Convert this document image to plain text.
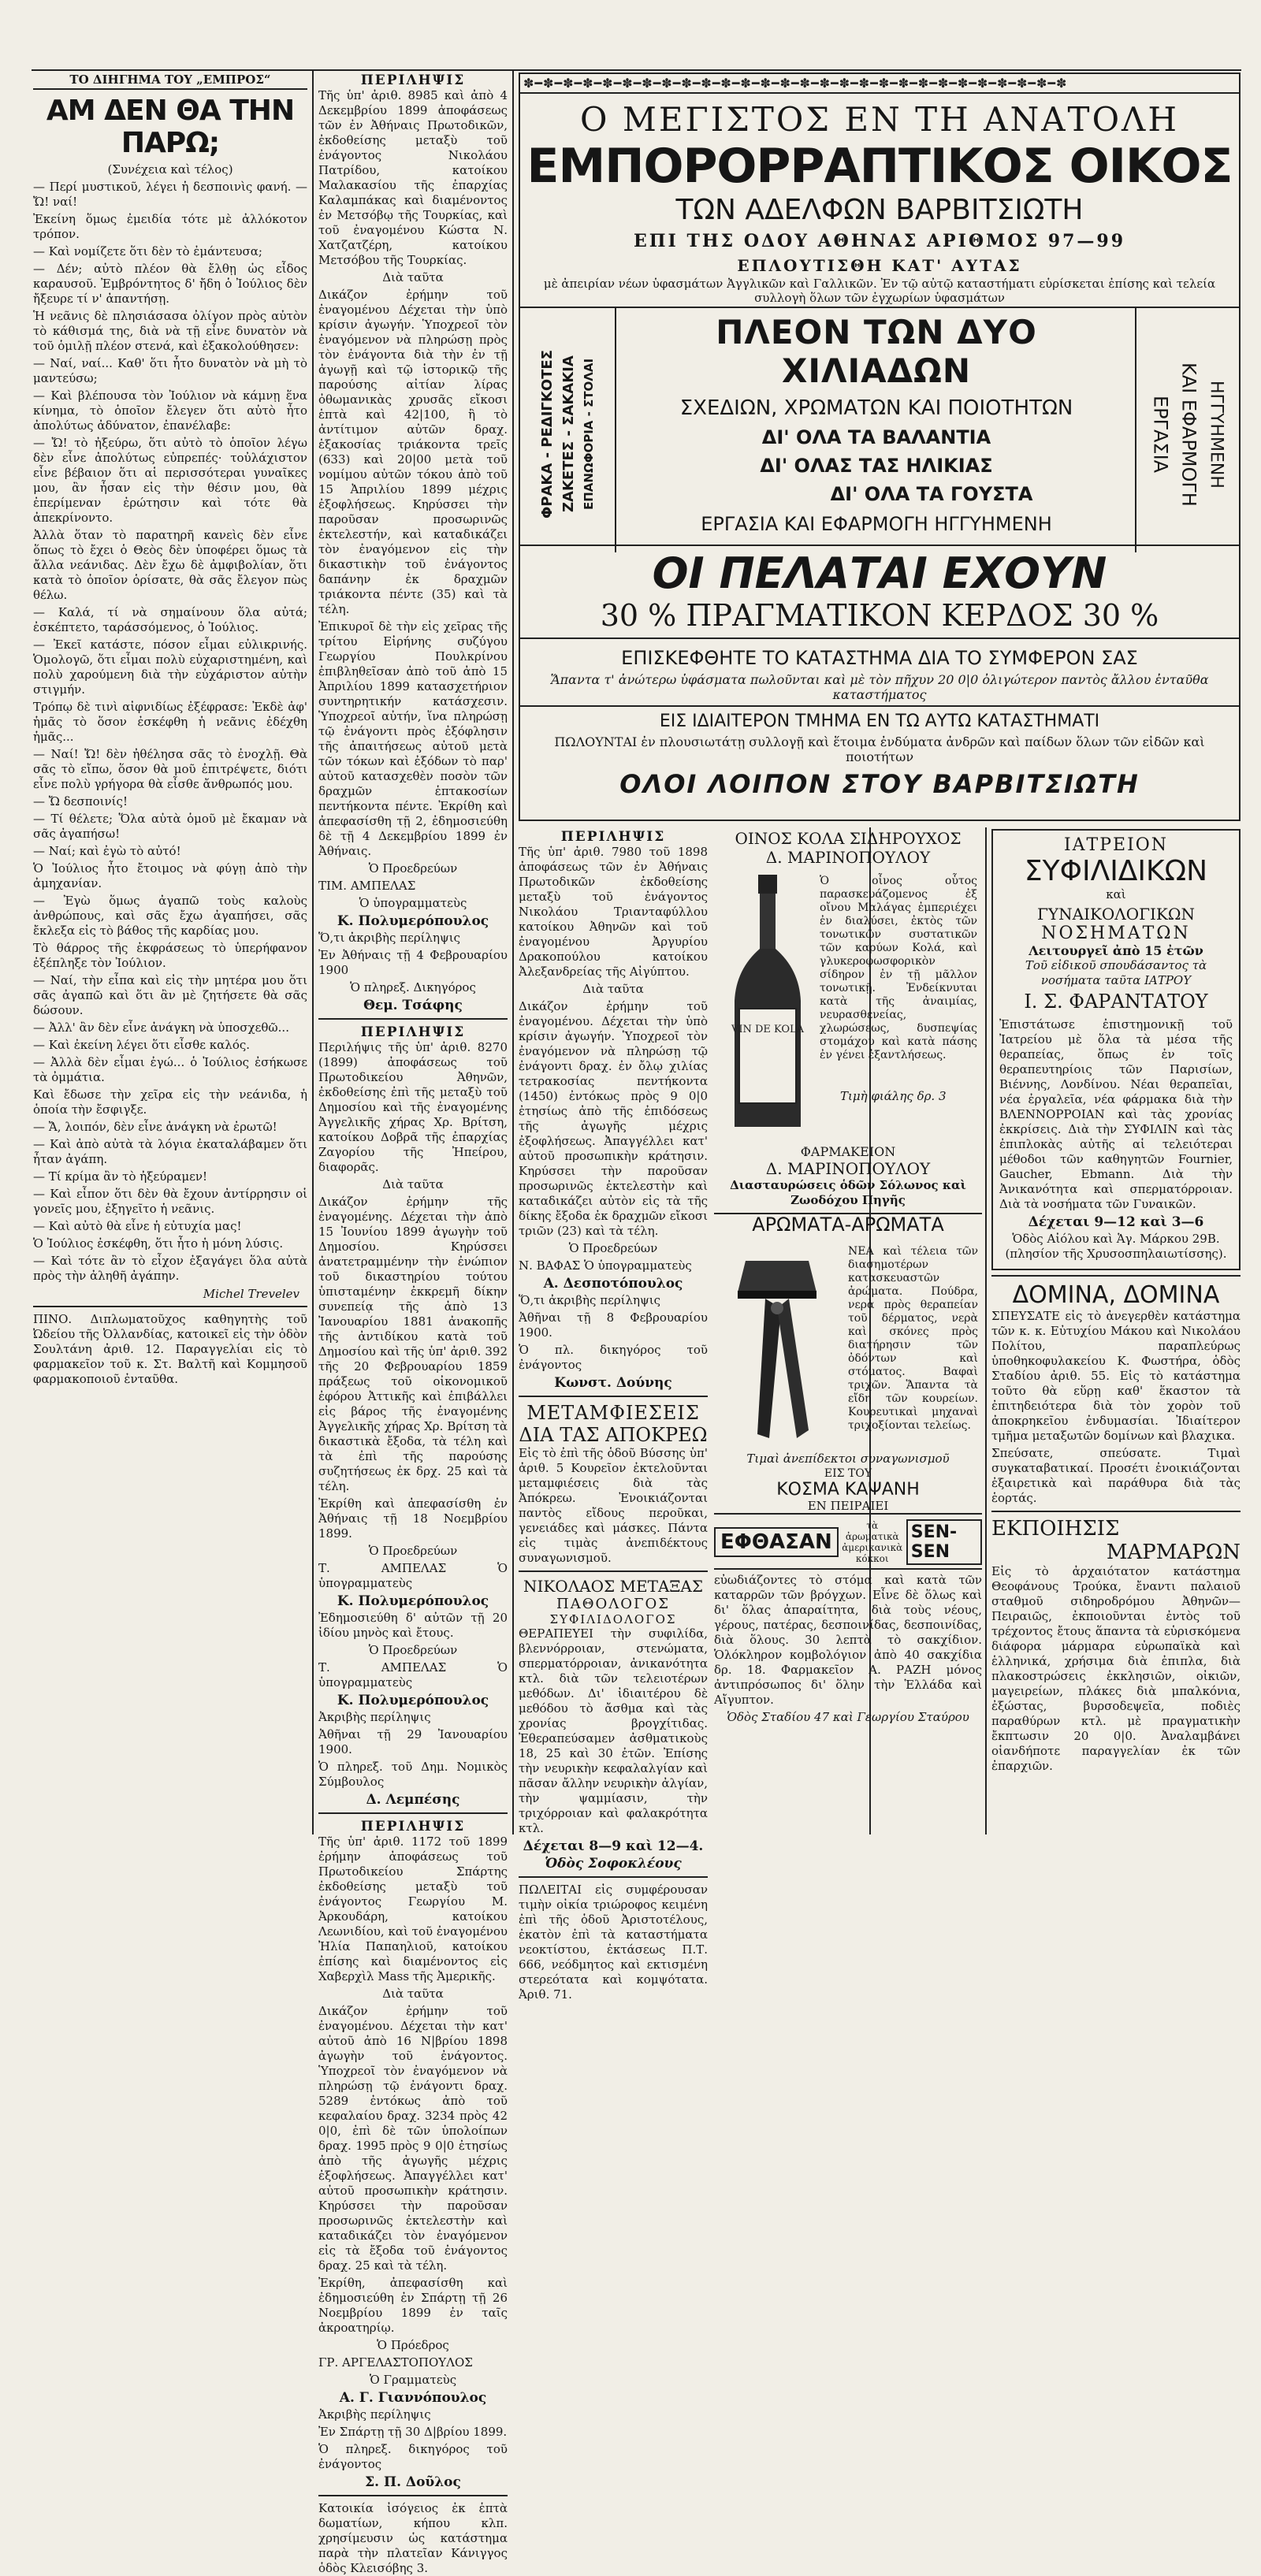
ΤΟ ΔΙΗΓΗΜΑ ΤΟΥ „ΕΜΠΡΟΣ“
ΑΜ ΔΕΝ ΘΑ ΤΗΝ ΠΑΡΩ;
(Συνέχεια καὶ τέλος)

— Περί μυστικοῦ, λέγει ἡ δεσποινὶς φανή. — Ὤ! ναί!

Ἐκείνη ὅμως ἐμειδία τότε μὲ ἀλλόκοτον τρόπον.

— Καὶ νομίζετε ὅτι δὲν τὸ ἐμάντευσα;

— Δέν; αὐτὸ πλέον θὰ ἔλθῃ ὡς εἶδος καραυσοῦ. Ἐμβρόντητος δ' ἤδη ὁ Ἰούλιος δὲν ἤξευρε τί ν' ἀπαντήσῃ.

Ἡ νεᾶνις δὲ πλησιάσασα ὀλίγον πρὸς αὐτὸν τὸ κάθισμά της, διὰ νὰ τῇ εἶνε δυνατὸν νὰ τοῦ ὁμιλῇ πλέον στενά, καὶ ἐξακολούθησεν:

— Ναί, ναί... Καθ' ὅτι ἦτο δυνατὸν νὰ μὴ τὸ μαντεύσω;

— Καὶ βλέπουσα τὸν Ἰούλιον νὰ κάμνῃ ἕνα κίνημα, τὸ ὁποῖον ἔλεγεν ὅτι αὐτὸ ἦτο ἀπολύτως ἀδύνατον, ἐπανέλαβε:

— Ὤ! τὸ ἠξεύρω, ὅτι αὐτὸ τὸ ὁποῖον λέγω δὲν εἶνε ἀπολύτως εὐπρεπές· τοὐλάχιστον εἶνε βέβαιον ὅτι αἱ περισσότεραι γυναῖκες μου, ἂν ἦσαν εἰς τὴν θέσιν μου, θὰ ἐπερίμεναν ἐρώτησιν καὶ τότε θὰ ἀπεκρίνοντο.

Ἀλλὰ ὅταν τὸ παρατηρῆ κανεὶς δὲν εἶνε ὅπως τὸ ἔχει ὁ Θεὸς δὲν ὑποφέρει ὅμως τὰ ἄλλα νεάνιδας. Δὲν ἔχω δὲ ἀμφιβολίαν, ὅτι κατὰ τὸ ὁποῖον ὁρίσατε, θὰ σᾶς ἔλεγον πὼς θέλω.

— Καλά, τί νὰ σημαίνουν ὅλα αὐτά; ἐσκέπτετο, ταράσσόμενος, ὁ Ἰούλιος.

— Ἐκεῖ κατάστε, πόσον εἶμαι εὐλικρινής. Ὁμολογῶ, ὅτι εἶμαι πολὺ εὐχαριστημένη, καὶ πολὺ χαρούμενη διὰ τὴν εὐχάριστον αὐτὴν στιγμήν.

Τρόπῳ δὲ τινὶ αἰφνιδίως ἐξέφρασε: Ἐκδὲ ἀφ' ἡμᾶς τὸ ὅσον ἐσκέφθη ἡ νεᾶνις ἐδέχθη ἡμᾶς...

— Ναί! Ὤ! δὲν ἠθέλησα σᾶς τὸ ἐνοχλῇ. Θὰ σᾶς τὸ εἴπω, ὅσον θὰ μοῦ ἐπιτρέψετε, διότι εἶνε πολὺ γρήγορα θὰ εἶσθε ἄνθρωπός μου.

— Ὤ δεσποινίς!

— Τί θέλετε; Ὅλα αὐτὰ ὁμοῦ μὲ ἔκαμαν νὰ σᾶς ἀγαπήσω!

— Ναί; καὶ ἐγὼ τὸ αὐτό!

Ὁ Ἰούλιος ἦτο ἔτοιμος νὰ φύγῃ ἀπὸ τὴν ἀμηχανίαν.

— Ἐγὼ ὅμως ἀγαπῶ τοὺς καλοὺς ἀνθρώπους, καὶ σᾶς ἔχω ἀγαπήσει, σᾶς ἔκλεξα εἰς τὸ βάθος τῆς καρδίας μου.

Τὸ θάρρος τῆς ἐκφράσεως τὸ ὑπερήφανον ἐξέπληξε τὸν Ἰούλιον.

— Ναί, τὴν εἶπα καὶ εἰς τὴν μητέρα μου ὅτι σᾶς ἀγαπῶ καὶ ὅτι ἂν μὲ ζητήσετε θὰ σᾶς δώσουν.

— Ἀλλ' ἂν δὲν εἶνε ἀνάγκη νὰ ὑποσχεθῶ...

— Καὶ ἐκείνη λέγει ὅτι εἶσθε καλός.

— Ἀλλὰ δὲν εἶμαι ἐγώ... ὁ Ἰούλιος ἐσήκωσε τὰ ὀμμάτια.

Καὶ ἔδωσε τὴν χεῖρα εἰς τὴν νεάνιδα, ἡ ὁποία τὴν ἔσφιγξε.

— Ἄ, λοιπόν, δὲν εἶνε ἀνάγκη νὰ ἐρωτῶ!

— Καὶ ἀπὸ αὐτὰ τὰ λόγια ἐκαταλάβαμεν ὅτι ἦταν ἀγάπη.

— Τί κρίμα ἂν τὸ ἠξεύραμεν!

— Καὶ εἶπον ὅτι δὲν θὰ ἔχουν ἀντίρρησιν οἱ γονεῖς μου, ἐξηγεῖτο ἡ νεᾶνις.

— Καὶ αὐτὸ θὰ εἶνε ἡ εὐτυχία μας!

Ὁ Ἰούλιος ἐσκέφθη, ὅτι ἦτο ἡ μόνη λύσις.

— Καὶ τότε ἂν τὸ εἶχον ἐξαγάγει ὅλα αὐτὰ πρὸς τὴν ἀληθῆ ἀγάπην.

Michel Trevelev

ΠΙΝΟ. Διπλωματοῦχος καθηγητὴς τοῦ Ὠδείου τῆς Ὀλλανδίας, κατοικεῖ εἰς τὴν ὁδὸν Σουλτάνη ἀριθ. 12. Παραγγελίαι εἰς τὸ φαρμακεῖον τοῦ κ. Στ. Βαλτῆ καὶ Κομμησοῦ φαρμακοποιοῦ ἐνταῦθα.

ΠΕΡΙΛΗΨΙΣ

Τῆς ὑπ' ἀριθ. 8985 καὶ ἀπὸ 4 Δεκεμβρίου 1899 ἀποφάσεως τῶν ἐν Ἀθήναις Πρωτοδικῶν, ἐκδοθείσης μεταξὺ τοῦ ἐνάγοντος Νικολάου Πατρίδου, κατοίκου Μαλακασίου τῆς ἐπαρχίας Καλαμπάκας καὶ διαμένοντος ἐν Μετσόβῳ τῆς Τουρκίας, καὶ τοῦ ἐναγομένου Κώστα Ν. Χατζατζέρη, κατοίκου Μετσόβου τῆς Τουρκίας.

Διὰ ταῦτα

Δικάζον ἐρήμην τοῦ ἐναγομένου Δέχεται τὴν ὑπὸ κρίσιν ἀγωγήν. Ὑποχρεοῖ τὸν ἐναγόμενον νὰ πληρώσῃ πρὸς τὸν ἐνάγοντα διὰ τὴν ἐν τῇ ἀγωγῇ καὶ τῷ ἱστορικῷ τῆς παρούσης αἰτίαν λίρας ὀθωμανικὰς χρυσᾶς εἴκοσι ἑπτὰ καὶ 42|100, ἢ τὸ ἀντίτιμον αὐτῶν δραχ. ἑξακοσίας τριάκοντα τρεῖς (633) καὶ 20|00 μετὰ τοῦ νομίμου αὐτῶν τόκου ἀπὸ τοῦ 15 Ἀπριλίου 1899 μέχρις ἐξοφλήσεως. Κηρύσσει τὴν παροῦσαν προσωρινῶς ἐκτελεστήν, καὶ καταδικάζει τὸν ἐναγόμενον εἰς τὴν δικαστικὴν τοῦ ἐνάγοντος δαπάνην ἐκ δραχμῶν τριάκοντα πέντε (35) καὶ τὰ τέλη.

Ἐπικυροῖ δὲ τὴν εἰς χεῖρας τῆς τρίτου Εἰρήνης συζύγου Γεωργίου Πουλκρίνου ἐπιβληθεῖσαν ἀπὸ τοῦ ἀπὸ 15 Ἀπριλίου 1899 κατασχετήριον συντηρητικήν κατάσχεσιν. Ὑποχρεοῖ αὐτήν, ἵνα πληρώσῃ τῷ ἐνάγοντι πρὸς ἐξόφλησιν τῆς ἀπαιτήσεως αὐτοῦ μετὰ τῶν τόκων καὶ ἐξόδων τὸ παρ' αὐτοῦ κατασχεθὲν ποσὸν τῶν δραχμῶν ἑπτακοσίων πεντήκοντα πέντε. Ἐκρίθη καὶ ἀπεφασίσθη τῇ 2, ἐδημοσιεύθη δὲ τῇ 4 Δεκεμβρίου 1899 ἐν Ἀθήναις.

Ὁ Προεδρεύων
ΤΙΜ. ΑΜΠΕΛΑΣ
Ὁ ὑπογραμματεὺς
Κ. Πολυμερόπουλος
Ὅ,τι ἀκριβὴς περίληψις
Ἐν Ἀθήναις τῇ 4 Φεβρουαρίου 1900
Ὁ πληρεξ. Δικηγόρος
Θεμ. Τσάφης
ΠΕΡΙΛΗΨΙΣ

Περιλήψις τῆς ὑπ' ἀριθ. 8270 (1899) ἀποφάσεως τοῦ Πρωτοδικείου Ἀθηνῶν, ἐκδοθείσης ἐπὶ τῆς μεταξὺ τοῦ Δημοσίου καὶ τῆς ἐναγομένης Ἀγγελικῆς χήρας Χρ. Βρίτση, κατοίκου Δοβρᾶ τῆς ἐπαρχίας Ζαγορίου τῆς Ἠπείρου, διαφορᾶς.

Διὰ ταῦτα

Δικάζον ἐρήμην τῆς ἐναγομένης. Δέχεται τὴν ἀπὸ 15 Ἰουνίου 1899 ἀγωγὴν τοῦ Δημοσίου. Κηρύσσει ἀνατετραμμένην τὴν ἐνώπιον τοῦ δικαστηρίου τούτου ὑπισταμένην ἐκκρεμῆ δίκην συνεπείᾳ τῆς ἀπὸ 13 Ἰανουαρίου 1881 ἀνακοπῆς τῆς ἀντιδίκου κατὰ τοῦ Δημοσίου καὶ τῆς ὑπ' ἀριθ. 392 τῆς 20 Φεβρουαρίου 1859 πράξεως τοῦ οἰκονομικοῦ ἐφόρου Ἀττικῆς καὶ ἐπιβάλλει εἰς βάρος τῆς ἐναγομένης Ἀγγελικῆς χήρας Χρ. Βρίτση τὰ δικαστικὰ ἔξοδα, τὰ τέλη καὶ τὰ ἐπὶ τῆς παρούσης συζητήσεως ἐκ δρχ. 25 καὶ τὰ τέλη.

Ἐκρίθη καὶ ἀπεφασίσθη ἐν Ἀθήναις τῇ 18 Νοεμβρίου 1899.

Ὁ Προεδρεύων
Τ. ΑΜΠΕΛΑΣ Ὁ ὑπογραμματεὺς
Κ. Πολυμερόπουλος
Ἐδημοσιεύθη δ' αὐτῶν τῇ 20 ἰδίου μηνὸς καὶ ἔτους.
Ὁ Προεδρεύων
Τ. ΑΜΠΕΛΑΣ Ὁ ὑπογραμματεὺς
Κ. Πολυμερόπουλος
Ἀκριβὴς περίληψις
Ἀθῆναι τῇ 29 Ἰανουαρίου 1900.
Ὁ πληρεξ. τοῦ Δημ. Νομικὸς Σύμβουλος
Δ. Λεμπέσης
ΠΕΡΙΛΗΨΙΣ

Τῆς ὑπ' ἀριθ. 1172 τοῦ 1899 ἐρήμην ἀποφάσεως τοῦ Πρωτοδικείου Σπάρτης ἐκδοθείσης μεταξὺ τοῦ ἐνάγοντος Γεωργίου Μ. Ἀρκουδάρη, κατοίκου Λεωνιδίου, καὶ τοῦ ἐναγομένου Ἠλία Παπαηλιοῦ, κατοίκου ἐπίσης καὶ διαμένοντος εἰς Χαβερχὶλ Mass τῆς Ἀμερικῆς.

Διὰ ταῦτα

Δικάζον ἐρήμην τοῦ ἐναγομένου. Δέχεται τὴν κατ' αὐτοῦ ἀπὸ 16 Ν|βρίου 1898 ἀγωγὴν τοῦ ἐνάγοντος. Ὑποχρεοῖ τὸν ἐναγόμενον νὰ πληρώσῃ τῷ ἐνάγοντι δραχ. 5289 ἐντόκως ἀπὸ τοῦ κεφαλαίου δραχ. 3234 πρὸς 42 0|0, ἐπὶ δὲ τῶν ὑπολοίπων δραχ. 1995 πρὸς 9 0|0 ἐτησίως ἀπὸ τῆς ἀγωγῆς μέχρις ἐξοφλήσεως. Ἀπαγγέλλει κατ' αὐτοῦ προσωπικὴν κράτησιν. Κηρύσσει τὴν παροῦσαν προσωρινῶς ἐκτελεστὴν καὶ καταδικάζει τὸν ἐναγόμενον εἰς τὰ ἔξοδα τοῦ ἐνάγοντος δραχ. 25 καὶ τὰ τέλη.

Ἐκρίθη, ἀπεφασίσθη καὶ ἐδημοσιεύθη ἐν Σπάρτῃ τῇ 26 Νοεμβρίου 1899 ἐν ταῖς ἀκροατηρίῳ.

Ὁ Πρόεδρος
ΓΡ. ΑΡΓΕΛΑΣΤΟΠΟΥΛΟΣ
Ὁ Γραμματεὺς
Α. Γ. Γιαννόπουλος
Ἀκριβὴς περίληψις
Ἐν Σπάρτῃ τῇ 30 Δ|βρίου 1899.
Ὁ πληρεξ. δικηγόρος τοῦ ἐνάγοντος
Σ. Π. Δοῦλος

Κατοικία ἰσόγειος ἐκ ἑπτὰ δωματίων, κήπου κλπ. χρησίμευσιν ὡς κατάστημα παρὰ τὴν πλατεῖαν Κάνιγγος ὁδὸς Κλεισόβης 3.

✽━✽━✽━✽━✽━✽━✽━✽━✽━✽━✽━✽━✽━✽━✽━✽━✽━✽━✽━✽━✽━✽━✽━✽━✽━✽━✽━✽
Ο ΜΕΓΙΣΤΟΣ ΕΝ ΤΗ ΑΝΑΤΟΛΗ
ΕΜΠΟΡΟΡΡΑΠΤΙΚΟΣ ΟΙΚΟΣ
ΤΩΝ ΑΔΕΛΦΩΝ ΒΑΡΒΙΤΣΙΩΤΗ
ΕΠΙ ΤΗΣ ΟΔΟΥ ΑΘΗΝΑΣ ΑΡΙΘΜΟΣ 97—99
ΕΠΛΟΥΤΙΣΘΗ ΚΑΤ' ΑΥΤΑΣ
μὲ ἀπειρίαν νέων ὑφασμάτων Ἀγγλικῶν καὶ Γαλλικῶν. Ἐν τῷ αὐτῷ καταστήματι εὑρίσκεται ἐπίσης καὶ τελεία συλλογὴ ὅλων τῶν ἐγχωρίων ὑφασμάτων
ΦΡΑΚΑ - ΡΕΔΙΓΚΟΤΕΣ ΖΑΚΕΤΕΣ - ΣΑΚΑΚΙΑ ΕΠΑΝΩΦΟΡΙΑ - ΣΤΟΛΑΙ
ΠΛΕΟΝ ΤΩΝ ΔΥΟ ΧΙΛΙΑΔΩΝ
ΣΧΕΔΙΩΝ, ΧΡΩΜΑΤΩΝ ΚΑΙ ΠΟΙΟΤΗΤΩΝ
ΔΙ' ΟΛΑ ΤΑ ΒΑΛΑΝΤΙΑ
ΔΙ' ΟΛΑΣ ΤΑΣ ΗΛΙΚΙΑΣ
ΔΙ' ΟΛΑ ΤΑ ΓΟΥΣΤΑ
ΕΡΓΑΣΙΑ ΚΑΙ ΕΦΑΡΜΟΓΗ ΗΓΓΥΗΜΕΝΗ
ΕΡΓΑΣΙΑ ΚΑΙ ΕΦΑΡΜΟΓΗ ΗΓΓΥΗΜΕΝΗ
ΟΙ ΠΕΛΑΤΑΙ ΕΧΟΥΝ
30 % ΠΡΑΓΜΑΤΙΚΟΝ ΚΕΡΔΟΣ 30 %
ΕΠΙΣΚΕΦΘΗΤΕ ΤΟ ΚΑΤΑΣΤΗΜΑ ΔΙΑ ΤΟ ΣΥΜΦΕΡΟΝ ΣΑΣ
Ἅπαντα τ' ἀνώτερω ὑφάσματα πωλοῦνται καὶ μὲ τὸν πῆχυν 20 0|0 ὀλιγώτερον παντὸς ἄλλου ἐνταῦθα καταστήματος
ΕΙΣ ΙΔΙΑΙΤΕΡΟΝ ΤΜΗΜΑ ΕΝ ΤΩ ΑΥΤΩ ΚΑΤΑΣΤΗΜΑΤΙ
ΠΩΛΟΥΝΤΑΙ ἐν πλουσιωτάτῃ συλλογῇ καὶ ἕτοιμα ἐνδύματα ἀνδρῶν καὶ παίδων ὅλων τῶν εἰδῶν καὶ ποιοτήτων
ΟΛΟΙ ΛΟΙΠΟΝ ΣΤΟΥ ΒΑΡΒΙΤΣΙΩΤΗ
ΠΕΡΙΛΗΨΙΣ

Τῆς ὑπ' ἀριθ. 7980 τοῦ 1898 ἀποφάσεως τῶν ἐν Ἀθήναις Πρωτοδικῶν ἐκδοθείσης μεταξὺ τοῦ ἐνάγοντος Νικολάου Τριανταφύλλου κατοίκου Ἀθηνῶν καὶ τοῦ ἐναγομένου Ἀργυρίου Δρακοπούλου κατοίκου Ἀλεξανδρείας τῆς Αἰγύπτου.

Διὰ ταῦτα

Δικάζον ἐρήμην τοῦ ἐναγομένου. Δέχεται τὴν ὑπὸ κρίσιν ἀγωγήν. Ὑποχρεοῖ τὸν ἐναγόμενον νὰ πληρώσῃ τῷ ἐνάγοντι δραχ. ἐν ὄλῳ χιλίας τετρακοσίας πεντήκοντα (1450) ἐντόκως πρὸς 9 0|0 ἐτησίως ἀπὸ τῆς ἐπιδόσεως τῆς ἀγωγῆς μέχρις ἐξοφλήσεως. Ἀπαγγέλλει κατ' αὐτοῦ προσωπικὴν κράτησιν. Κηρύσσει τὴν παροῦσαν προσωρινῶς ἐκτελεστὴν καὶ καταδικάζει αὐτὸν εἰς τὰ τῆς δίκης ἔξοδα ἐκ δραχμῶν εἴκοσι τριῶν (23) καὶ τὰ τέλη.

Ὁ Προεδρεύων
Ν. ΒΑΦΑΣ Ὁ ὑπογραμματεὺς
Α. Δεσποτόπουλος
Ὅ,τι ἀκριβὴς περίληψις
Ἀθῆναι τῇ 8 Φεβρουαρίου 1900.
Ὁ πλ. δικηγόρος τοῦ ἐνάγοντος
Κωνστ. Δούνης
ΜΕΤΑΜΦΙΕΣΕΙΣ
ΔΙΑ ΤΑΣ ΑΠΟΚΡΕΩ

Εἰς τὸ ἐπὶ τῆς ὁδοῦ Βύσσης ὑπ' ἀριθ. 5 Κουρεῖον ἐκτελοῦνται μεταμφιέσεις διὰ τὰς Ἀπόκρεω. Ἐνοικιάζονται παντὸς εἴδους περοῦκαι, γενειάδες καὶ μάσκες. Πάντα εἰς τιμὰς ἀνεπιδέκτους συναγωνισμοῦ.

ΝΙΚΟΛΑΟΣ ΜΕΤΑΞΑΣ
ΠΑΘΟΛΟΓΟΣ
ΣΥΦΙΛΙΔΟΛΟΓΟΣ

ΘΕΡΑΠΕΥΕΙ τὴν συφιλίδα, βλεννόρροιαν, στενώματα, σπερματόρροιαν, ἀνικανότητα κτλ. διὰ τῶν τελειοτέρων μεθόδων. Δι' ἰδιαιτέρου δὲ μεθόδου τὸ ἄσθμα καὶ τὰς χρονίας βρογχίτιδας. Ἐθεραπεύσαμεν ἀσθματικοὺς 18, 25 καὶ 30 ἐτῶν. Ἐπίσης τὴν νευρικὴν κεφαλαλγίαν καὶ πᾶσαν ἄλλην νευρικὴν ἀλγίαν, τὴν ψαμμίασιν, τὴν τριχόρροιαν καὶ φαλακρότητα κτλ.

Δέχεται 8—9 καὶ 12—4.
Ὁδὸς Σοφοκλέους

ΠΩΛΕΙΤΑΙ εἰς συμφέρουσαν τιμὴν οἰκία τριώροφος κειμένη ἐπὶ τῆς ὁδοῦ Ἀριστοτέλους, ἐκατὸν ἐπὶ τὰ καταστήματα νεοκτίστου, ἐκτάσεως Π.Τ. 666, νεόδμητος καὶ εκτισμένη στερεότατα καὶ κομψότατα. Ἀριθ. 71.

ΟΙΝΟΣ ΚΟΛΑ ΣΙΔΗΡΟΥΧΟΣ
Δ. ΜΑΡΙΝΟΠΟΥΛΟΥ
VIN DE KOLA

Ὁ οἶνος οὗτος παρασκευάζομενος ἐξ οἴνου Μαλάγας ἐμπεριέχει ἐν διαλύσει, ἐκτὸς τῶν τονωτικῶν συστατικῶν τῶν καρύων Κολά, καὶ γλυκεροφωσφορικὸν σίδηρον ἐν τῇ μᾶλλον τονωτικῇ. Ἐνδείκνυται κατὰ τῆς ἀναιμίας, νευρασθενείας, χλωρώσεως, δυσπεψίας στομάχου καὶ κατὰ πάσης ἐν γένει ἐξαντλήσεως.

Τιμὴ φιάλης δρ. 3
ΦΑΡΜΑΚΕΙΟΝ
Δ. ΜΑΡΙΝΟΠΟΥΛΟΥ
Διασταυρώσεις ὁδῶν Σόλωνος καὶ Ζωοδόχου Πηγῆς
ΑΡΩΜΑΤΑ-ΑΡΩΜΑΤΑ

ΝΕΑ καὶ τέλεια τῶν διασημοτέρων κατασκευαστῶν ἀρώματα. Πούδρα, νερὰ πρὸς θεραπείαν τοῦ δέρματος, νερὰ καὶ σκόνες πρὸς διατήρησιν τῶν ὀδόντων καὶ στόματος. Βαφαὶ τριχῶν. Ἅπαντα τὰ εἴδη τῶν κουρείων. Κουρευτικαὶ μηχαναὶ τριχοξίονται τελείως.

Τιμαὶ ἀνεπίδεκτοι συναγωνισμοῦ
ΕΙΣ ΤΟΥ
ΚΟΣΜΑ ΚΑΨΑΝΗ
ΕΝ ΠΕΙΡΑΙΕΙ
ΕΦΘΑΣΑΝ
τὰ ἀρωματικὰ ἀμερικανικὰ κόκκοι
SEN-SEN

εὐωδιάζοντες τὸ στόμα καὶ κατὰ τῶν καταρρῶν τῶν βρόγχων. Εἶνε δὲ ὅλως καὶ δι' ὅλας ἀπαραίτητα, διὰ τοὺς νέους, γέρους, πατέρας, δεσποινίδας, δεσποινίδας, διὰ ὅλους. 30 λεπτὰ τὸ σακχίδιον. Ὁλόκληρον κομβολόγιον ἀπὸ 40 σακχίδια δρ. 18. Φαρμακεῖον Α. ΡΑΖΗ μόνος ἀντιπρόσωπος δι' ὅλην τὴν Ἑλλάδα καὶ Αἴγυπτον.

Ὁδὸς Σταδίου 47 καὶ Γεωργίου Σταύρου
ΙΑΤΡΕΙΟΝ
ΣΥΦΙΛΙΔΙΚΩΝ
καὶ
ΓΥΝΑΙΚΟΛΟΓΙΚΩΝ
ΝΟΣΗΜΑΤΩΝ
Λειτουργεῖ ἀπὸ 15 ἐτῶν
Τοῦ εἰδικοῦ σπουδάσαντος τὰ νοσήματα ταῦτα ΙΑΤΡΟΥ
Ι. Σ. ΦΑΡΑΝΤΑΤΟΥ

Ἐπιστάτωσε ἐπιστημονικῇ τοῦ Ἰατρείου μὲ ὅλα τὰ μέσα τῆς θεραπείας, ὅπως ἐν τοῖς θεραπευτηρίοις τῶν Παρισίων, Βιέννης, Λονδίνου. Νέαι θεραπεῖαι, νέα ἐργαλεῖα, νέα φάρμακα διὰ τὴν ΒΛΕΝΝΟΡΡΟΙΑΝ καὶ τὰς χρονίας ἐκκρίσεις. Διὰ τὴν ΣΥΦΙΛΙΝ καὶ τὰς ἐπιπλοκὰς αὐτῆς αἱ τελειότεραι μέθοδοι τῶν καθηγητῶν Fournier, Gaucher, Ebmann. Διὰ τὴν Ἀνικανότητα καὶ σπερματόρροιαν. Διὰ τὰ νοσήματα τῶν Γυναικῶν.

Δέχεται 9—12 καὶ 3—6
Ὁδὸς Αἰόλου καὶ Ἁγ. Μάρκου 29Β. (πλησίον τῆς Χρυσοσπηλαιωτίσσης).
ΔΟΜΙΝΑ, ΔΟΜΙΝΑ

ΣΠΕΥΣΑΤΕ εἰς τὸ ἀνεγερθὲν κατάστημα τῶν κ. κ. Εὐτυχίου Μάκου καὶ Νικολάου Πολίτου, παραπλεύρως ὑποθηκοφυλακείου Κ. Φωστήρα, ὁδὸς Σταδίου ἀριθ. 55. Εἰς τὸ κατάστημα τοῦτο θὰ εὕρῃ καθ' ἕκαστον τὰ ἐπιτηδειότερα διὰ τὸν χορὸν τοῦ ἀποκρηκεῖου ἐνδυμασίαι. Ἰδιαίτερον τμῆμα μεταξωτῶν δομίνων καὶ βλαχικα.

Σπεύσατε, σπεύσατε. Τιμαὶ συγκαταβατικαί. Προσέτι ἐνοικιάζονται ἐξαιρετικὰ καὶ παράθυρα διὰ τὰς ἑορτάς.

ΕΚΠΟΙΗΣΙΣ
ΜΑΡΜΑΡΩΝ

Εἰς τὸ ἀρχαιότατον κατάστημα Θεοφάνους Τρούκα, ἔναντι παλαιοῦ σταθμοῦ σιδηροδρόμου Ἀθηνῶν—Πειραιῶς, ἐκποιοῦνται ἐντὸς τοῦ τρέχοντος ἔτους ἅπαντα τὰ εὑρισκόμενα διάφορα μάρμαρα εὐρωπαϊκὰ καὶ ἑλληνικά, χρήσιμα διὰ ἐπιπλα, διὰ πλακοστρώσεις ἐκκλησιῶν, οἰκιῶν, μαγειρείων, πλάκες διὰ μπαλκόνια, ἐξώστας, βυρσοδεψεῖα, ποδιὲς παραθύρων κτλ. μὲ πραγματικὴν ἔκπτωσιν 20 0|0. Ἀναλαμβάνει οἱανδήποτε παραγγελίαν ἐκ τῶν ἐπαρχιῶν.
